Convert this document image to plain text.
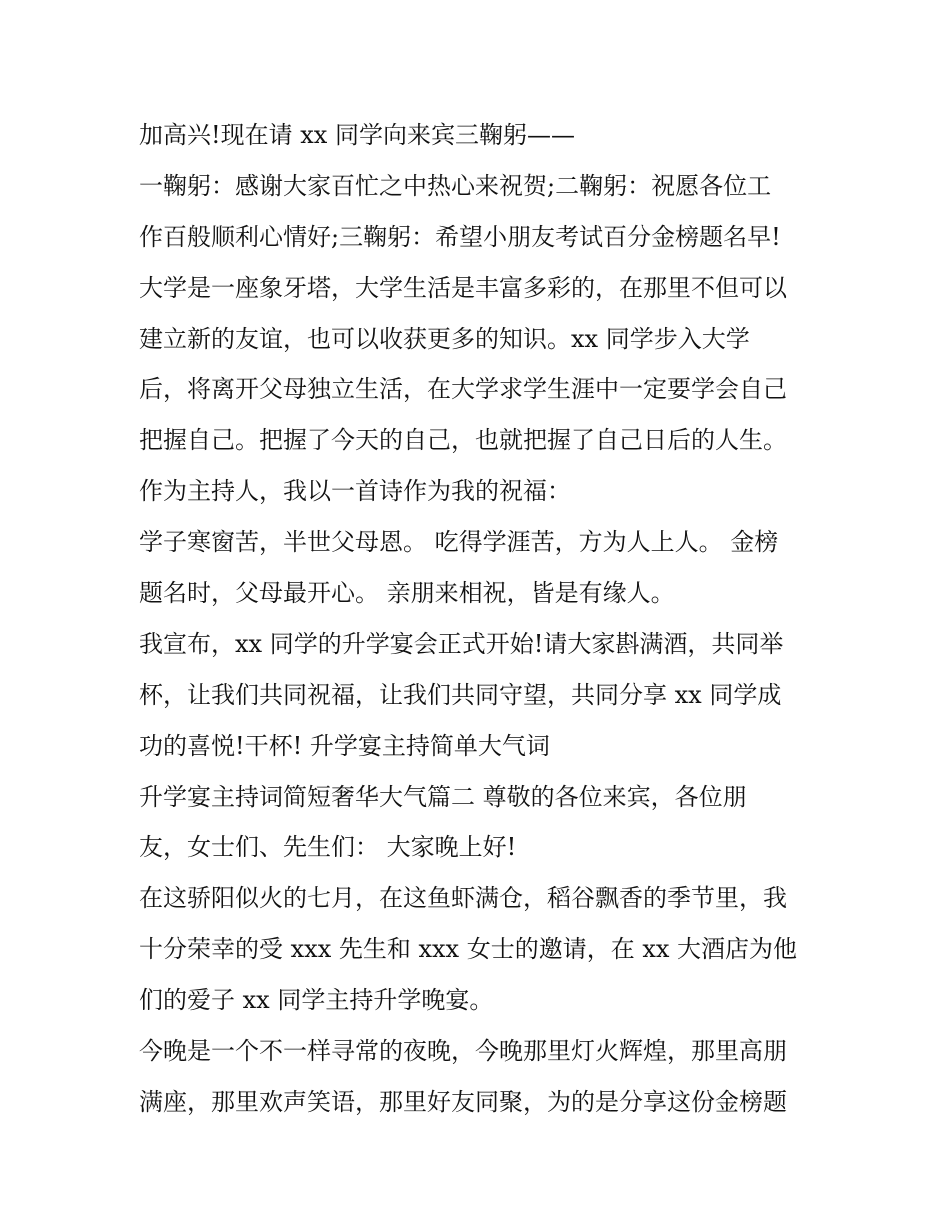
加高兴!现在请 xx 同学向来宾三鞠躬——
一鞠躬：感谢大家百忙之中热心来祝贺;二鞠躬：祝愿各位工
作百般顺利心情好;三鞠躬：希望小朋友考试百分金榜题名早!
大学是一座象牙塔，大学生活是丰富多彩的，在那里不但可以
建立新的友谊，也可以收获更多的知识。xx 同学步入大学
后，将离开父母独立生活，在大学求学生涯中一定要学会自己
把握自己。把握了今天的自己，也就把握了自己日后的人生。
作为主持人，我以一首诗作为我的祝福：
学子寒窗苦，半世父母恩。 吃得学涯苦，方为人上人。 金榜
题名时，父母最开心。 亲朋来相祝，皆是有缘人。
我宣布，xx 同学的升学宴会正式开始!请大家斟满酒，共同举
杯，让我们共同祝福，让我们共同守望，共同分享 xx 同学成
功的喜悦!干杯! 升学宴主持简单大气词
升学宴主持词简短奢华大气篇二 尊敬的各位来宾，各位朋
友，女士们、先生们： 大家晚上好!
在这骄阳似火的七月，在这鱼虾满仓，稻谷飘香的季节里，我
十分荣幸的受 xxx 先生和 xxx 女士的邀请，在 xx 大酒店为他
们的爱子 xx 同学主持升学晚宴。
今晚是一个不一样寻常的夜晚，今晚那里灯火辉煌，那里高朋
满座，那里欢声笑语，那里好友同聚，为的是分享这份金榜题
